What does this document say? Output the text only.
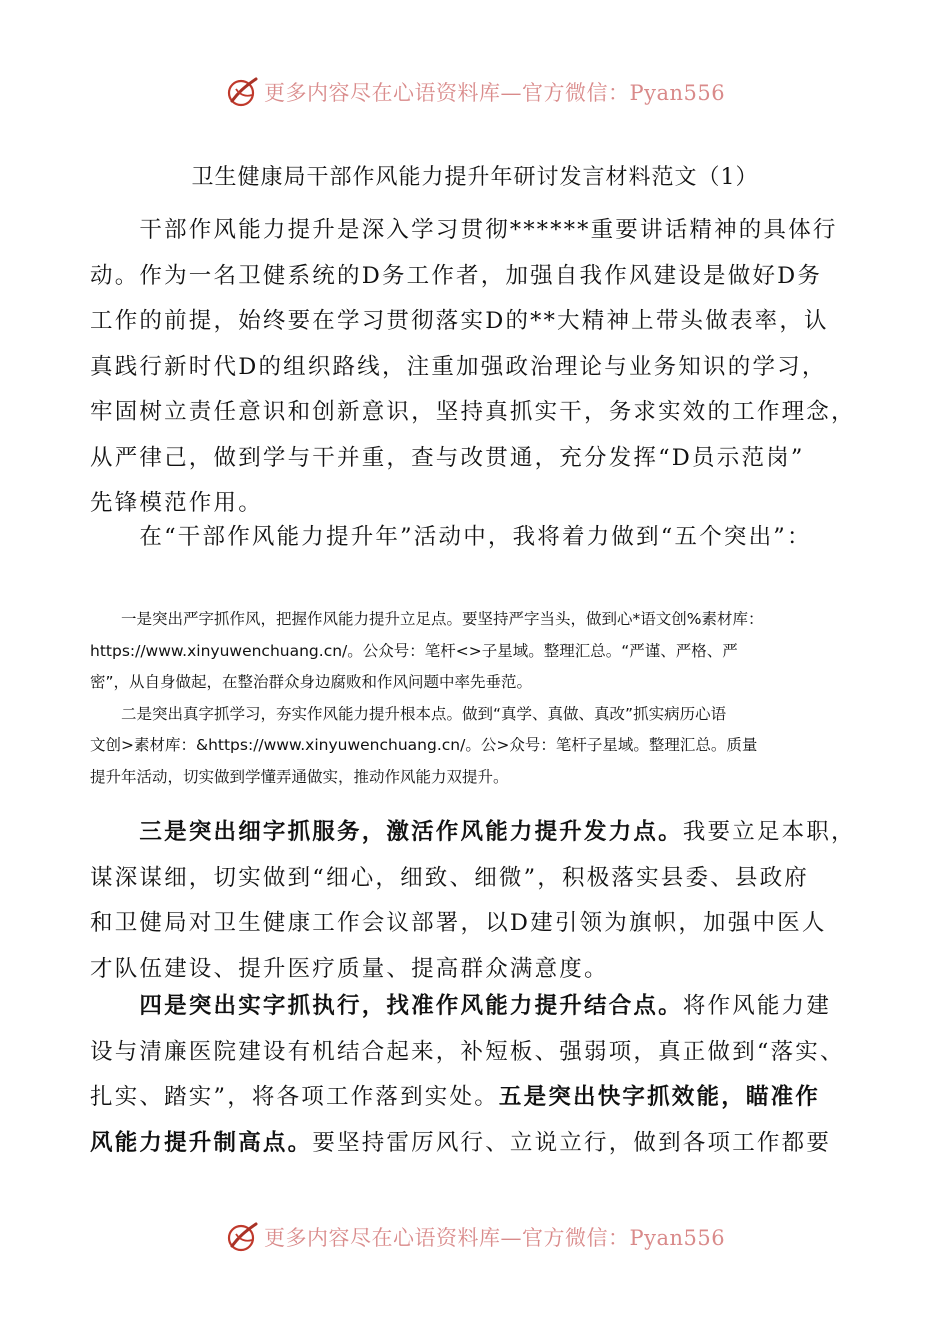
更多内容尽在心语资料库—官方微信：Pyan556
卫生健康局干部作风能力提升年研讨发言材料范文（1）
　　干部作风能力提升是深入学习贯彻******重要讲话精神的具体行
动。作为一名卫健系统的D务工作者，加强自我作风建设是做好D务
工作的前提，始终要在学习贯彻落实D的**大精神上带头做表率，认
真践行新时代D的组织路线，注重加强政治理论与业务知识的学习，
牢固树立责任意识和创新意识，坚持真抓实干，务求实效的工作理念，
从严律己，做到学与干并重，查与改贯通，充分发挥“D员示范岗”
先锋模范作用。
　　在“干部作风能力提升年”活动中，我将着力做到“五个突出”：
　　一是突出严字抓作风，把握作风能力提升立足点。要坚持严字当头，做到心*语文创%素材库：
https://www.xinyuwenchuang.cn/。公众号：笔杆<>子星域。整理汇总。“严谨、严格、严
密”，从自身做起，在整治群众身边腐败和作风问题中率先垂范。
　　二是突出真字抓学习，夯实作风能力提升根本点。做到“真学、真做、真改”抓实病历心语
文创>素材库：&https://www.xinyuwenchuang.cn/。公>众号：笔杆子星域。整理汇总。质量
提升年活动，切实做到学懂弄通做实，推动作风能力双提升。
　　三是突出细字抓服务，激活作风能力提升发力点。我要立足本职，
谋深谋细，切实做到“细心，细致、细微”，积极落实县委、县政府
和卫健局对卫生健康工作会议部署，以D建引领为旗帜，加强中医人
才队伍建设、提升医疗质量、提高群众满意度。
　　四是突出实字抓执行，找准作风能力提升结合点。将作风能力建
设与清廉医院建设有机结合起来，补短板、强弱项，真正做到“落实、
扎实、踏实”，将各项工作落到实处。五是突出快字抓效能，瞄准作
风能力提升制高点。要坚持雷厉风行、立说立行，做到各项工作都要
更多内容尽在心语资料库—官方微信：Pyan556
